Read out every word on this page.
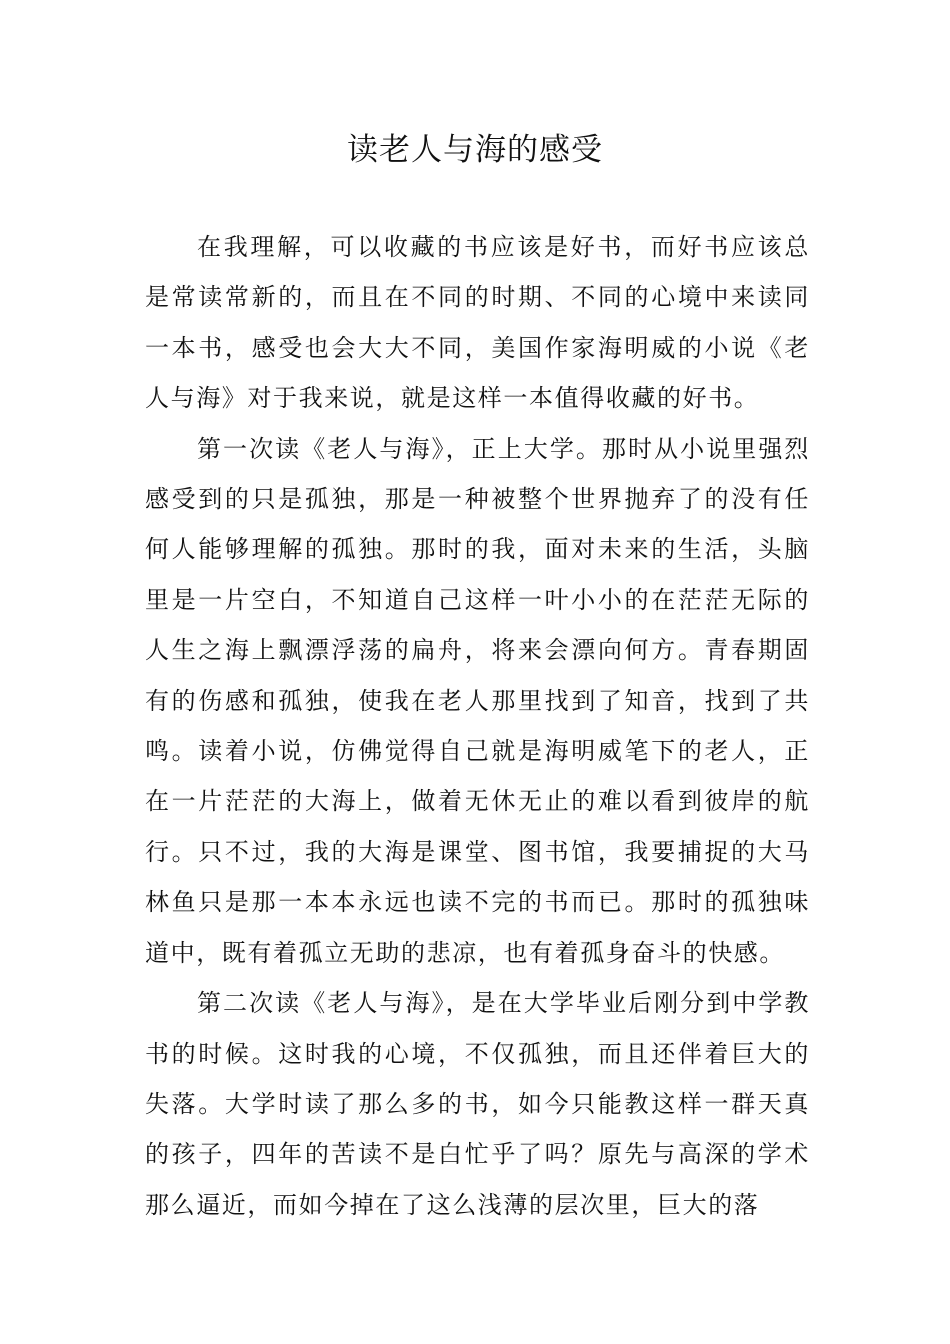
读老人与海的感受

在我理解，可以收藏的书应该是好书，而好书应该总是常读常新的，而且在不同的时期、不同的心境中来读同一本书，感受也会大大不同，美国作家海明威的小说《老人与海》对于我来说，就是这样一本值得收藏的好书。

第一次读《老人与海》，正上大学。那时从小说里强烈感受到的只是孤独，那是一种被整个世界抛弃了的没有任何人能够理解的孤独。那时的我，面对未来的生活，头脑里是一片空白，不知道自己这样一叶小小的在茫茫无际的人生之海上飘漂浮荡的扁舟，将来会漂向何方。青春期固有的伤感和孤独，使我在老人那里找到了知音，找到了共鸣。读着小说，仿佛觉得自己就是海明威笔下的老人，正在一片茫茫的大海上，做着无休无止的难以看到彼岸的航行。只不过，我的大海是课堂、图书馆，我要捕捉的大马林鱼只是那一本本永远也读不完的书而已。那时的孤独味道中，既有着孤立无助的悲凉，也有着孤身奋斗的快感。

第二次读《老人与海》，是在大学毕业后刚分到中学教书的时候。这时我的心境，不仅孤独，而且还伴着巨大的失落。大学时读了那么多的书，如今只能教这样一群天真的孩子，四年的苦读不是白忙乎了吗？原先与高深的学术那么逼近，而如今掉在了这么浅薄的层次里，巨大的落
